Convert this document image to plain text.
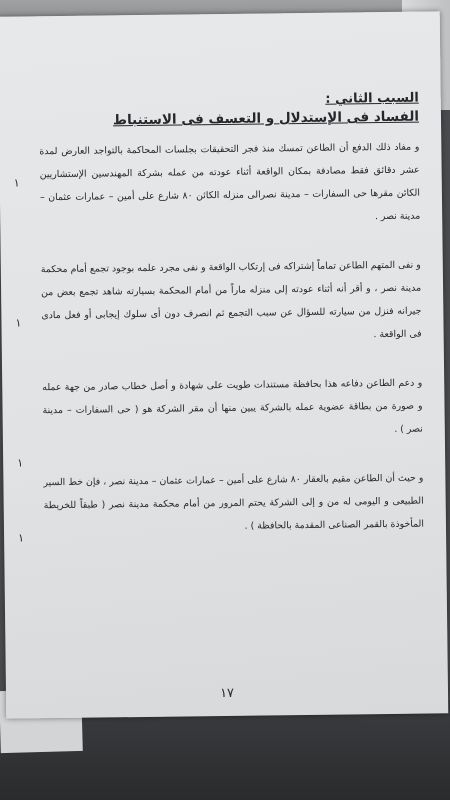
السبب الثاني :
الفساد فى الإستدلال و التعسف فى الاستنباط

و مفاد ذلك الدفع أن الطاعن تمسك منذ فجر التحقيقات بجلسات المحاكمة بالتواجد العارض لمدة عشر دقائق فقط مصادفة بمكان الواقعة أثناء عودته من عمله بشركة المهندسين الإستشاريين الكائن مقرها حى السفارات – مدينة نصرالى منزله الكائن ٨٠ شارع على أمين – عمارات عثمان – مدينة نصر .

و نفى المتهم الطاعن تماماً إشتراكه فى إرتكاب الواقعة و نفى مجرد علمه بوجود تجمع أمام محكمة مدينة نصر ، و أقر أنه أثناء عودته إلى منزله ماراً من أمام المحكمة بسيارته شاهد تجمع بعض من جيرانه فنزل من سيارته للسؤال عن سبب التجمع ثم انصرف دون أى سلوك إيجابى أو فعل مادى فى الواقعة .

و دعم الطاعن دفاعه هذا بحافظة مستندات طويت على شهادة و أصل خطاب صادر من جهة عمله و صورة من بطاقة عضوية عمله بالشركة يبين منها أن مقر الشركة هو ( حى السفارات – مدينة نصر ) .

و حيث أن الطاعن مقيم بالعقار ٨٠ شارع على أمين – عمارات عثمان – مدينة نصر ، فإن خط السير الطبيعى و اليومى له من و إلى الشركة يحتم المرور من أمام محكمة مدينة نصر ( طبقاً للخريطة المأخوذة بالقمر الصناعى المقدمة بالحافظة ) .

١
١
١
١
١٧
